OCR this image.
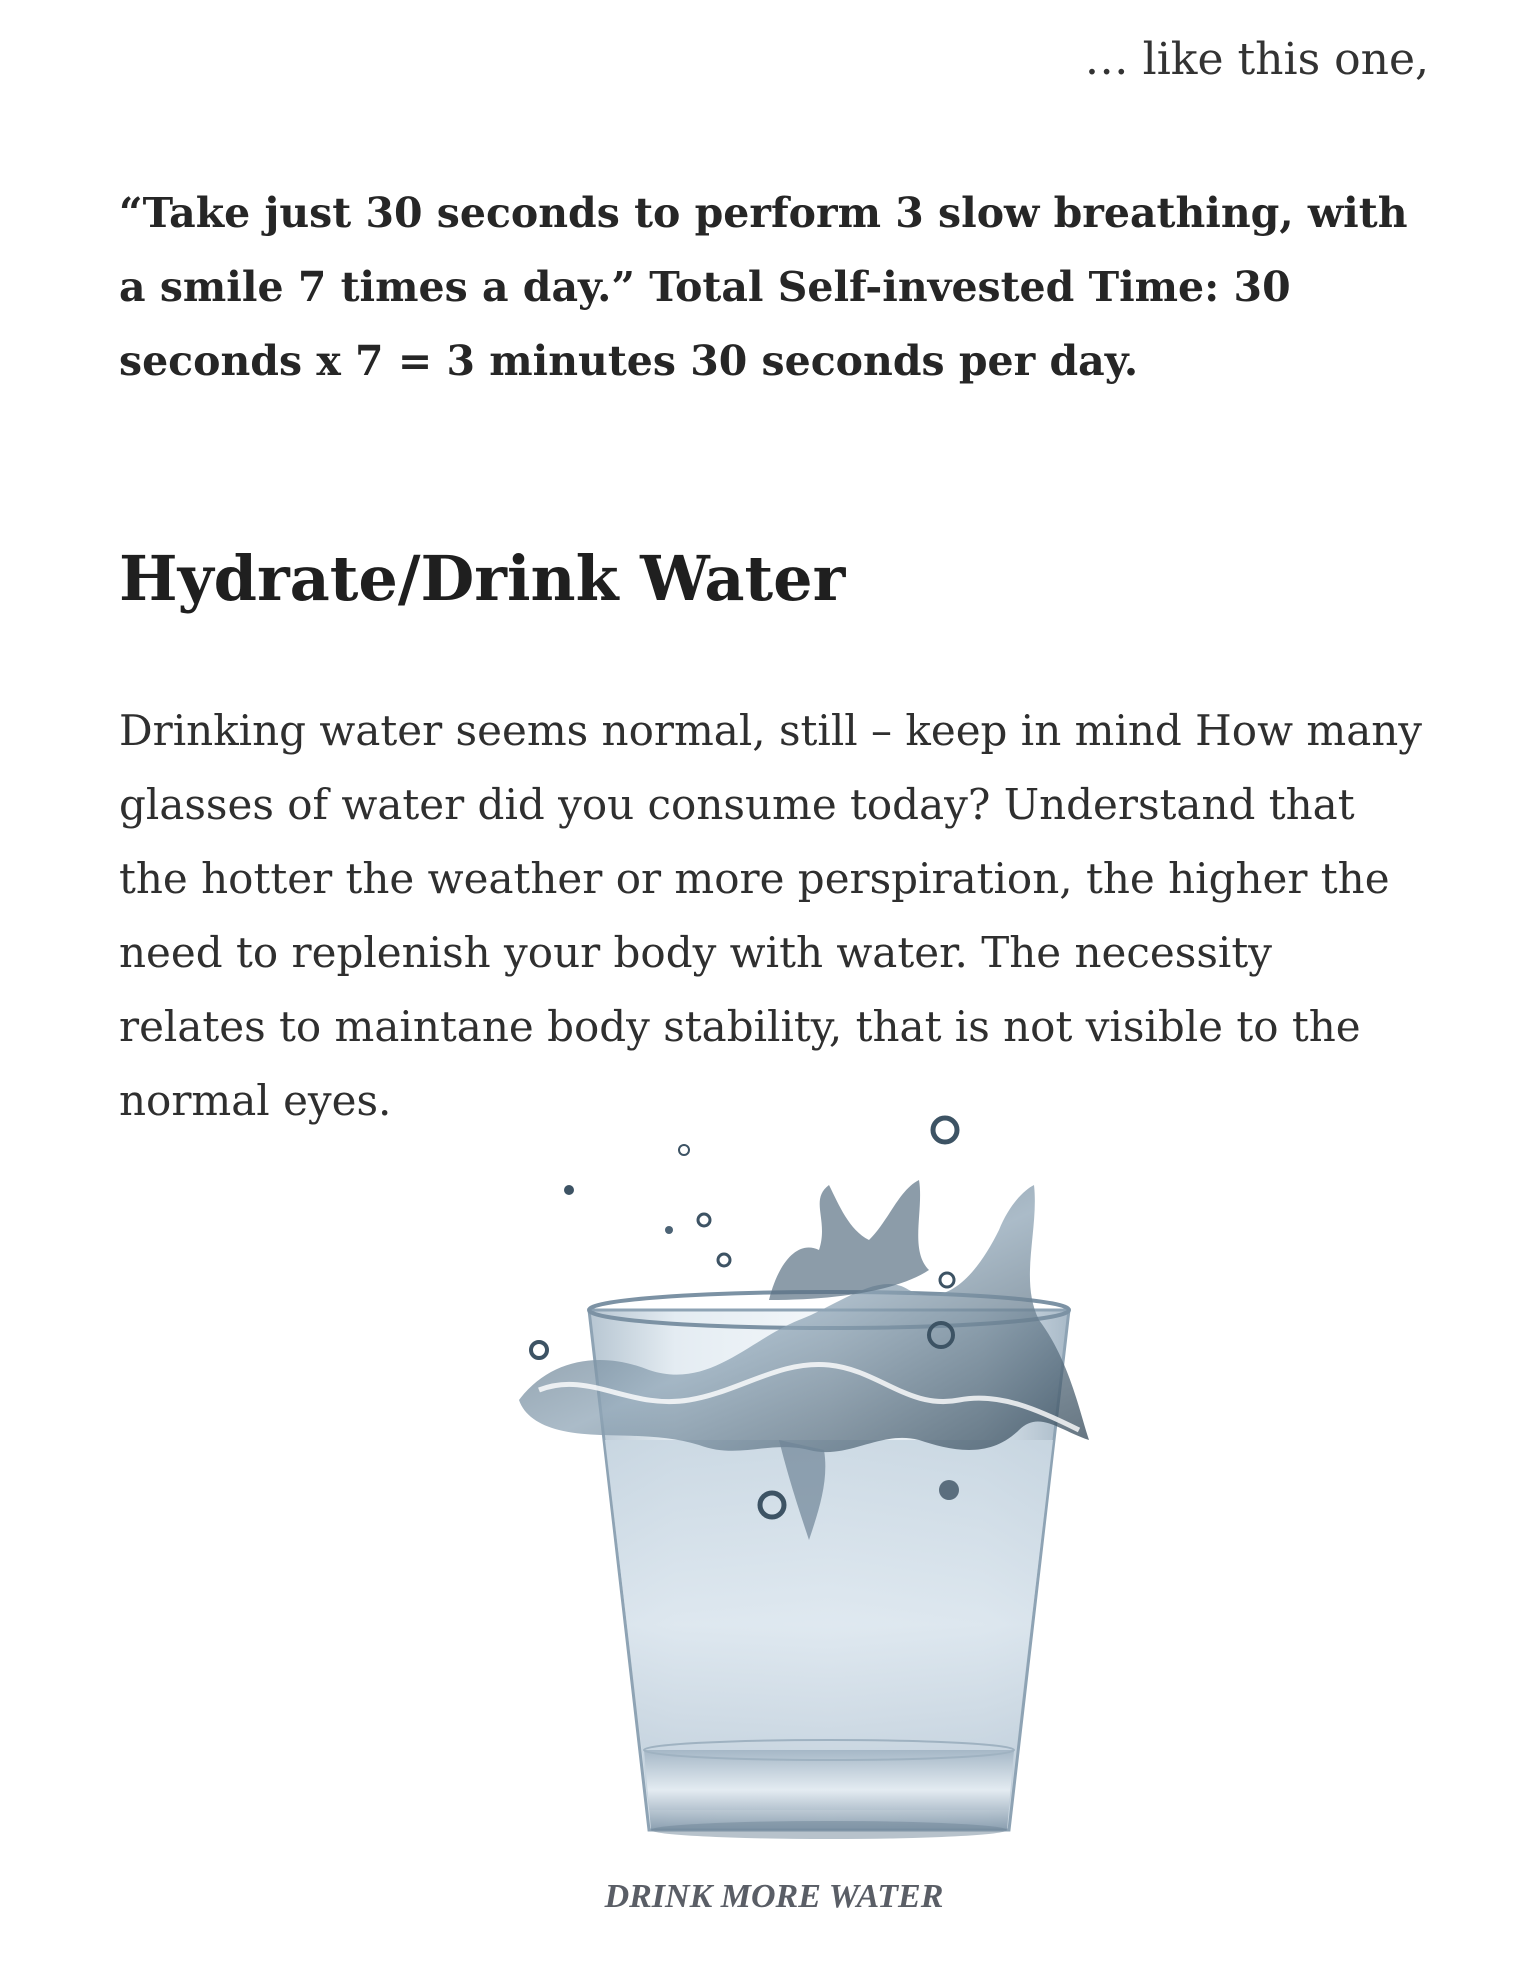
… like this one,

“Take just 30 seconds to perform 3 slow breathing, with a smile 7 times a day.” Total Self-invested Time: 30 seconds x 7 = 3 minutes 30 seconds per day.

Hydrate/Drink Water

Drinking water seems normal, still – keep in mind How many glasses of water did you consume today? Understand that the hotter the weather or more perspiration, the higher the need to replenish your body with water. The necessity relates to maintane body stability, that is not visible to the normal eyes.

DRINK MORE WATER
